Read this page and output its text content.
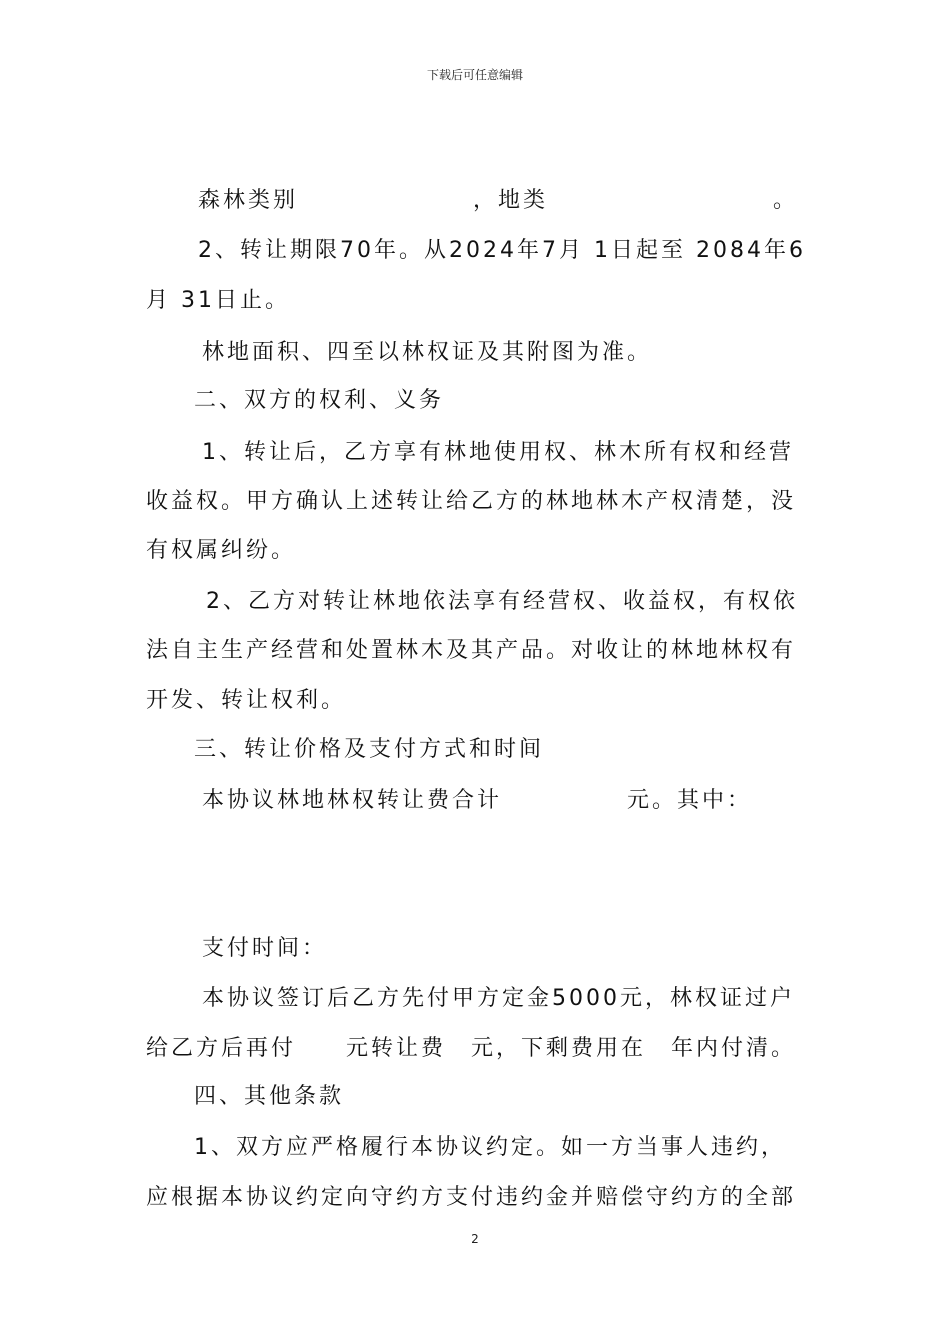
下载后可任意编辑
森林类别　　　　　　　，地类　　　　　　　　　。
2、转让期限70年。从2024年7月 1日起至 2084年6
月 31日止。
林地面积、四至以林权证及其附图为准。
二、双方的权利、义务
1、转让后，乙方享有林地使用权、林木所有权和经营
收益权。甲方确认上述转让给乙方的林地林木产权清楚，没
有权属纠纷。
2、乙方对转让林地依法享有经营权、收益权，有权依
法自主生产经营和处置林木及其产品。对收让的林地林权有
开发、转让权利。
三、转让价格及支付方式和时间
本协议林地林权转让费合计　　　　　元。其中：
支付时间：
本协议签订后乙方先付甲方定金5000元，林权证过户
给乙方后再付　　元转让费　元，下剩费用在　年内付清。
四、其他条款
1、双方应严格履行本协议约定。如一方当事人违约，
应根据本协议约定向守约方支付违约金并赔偿守约方的全部
2
